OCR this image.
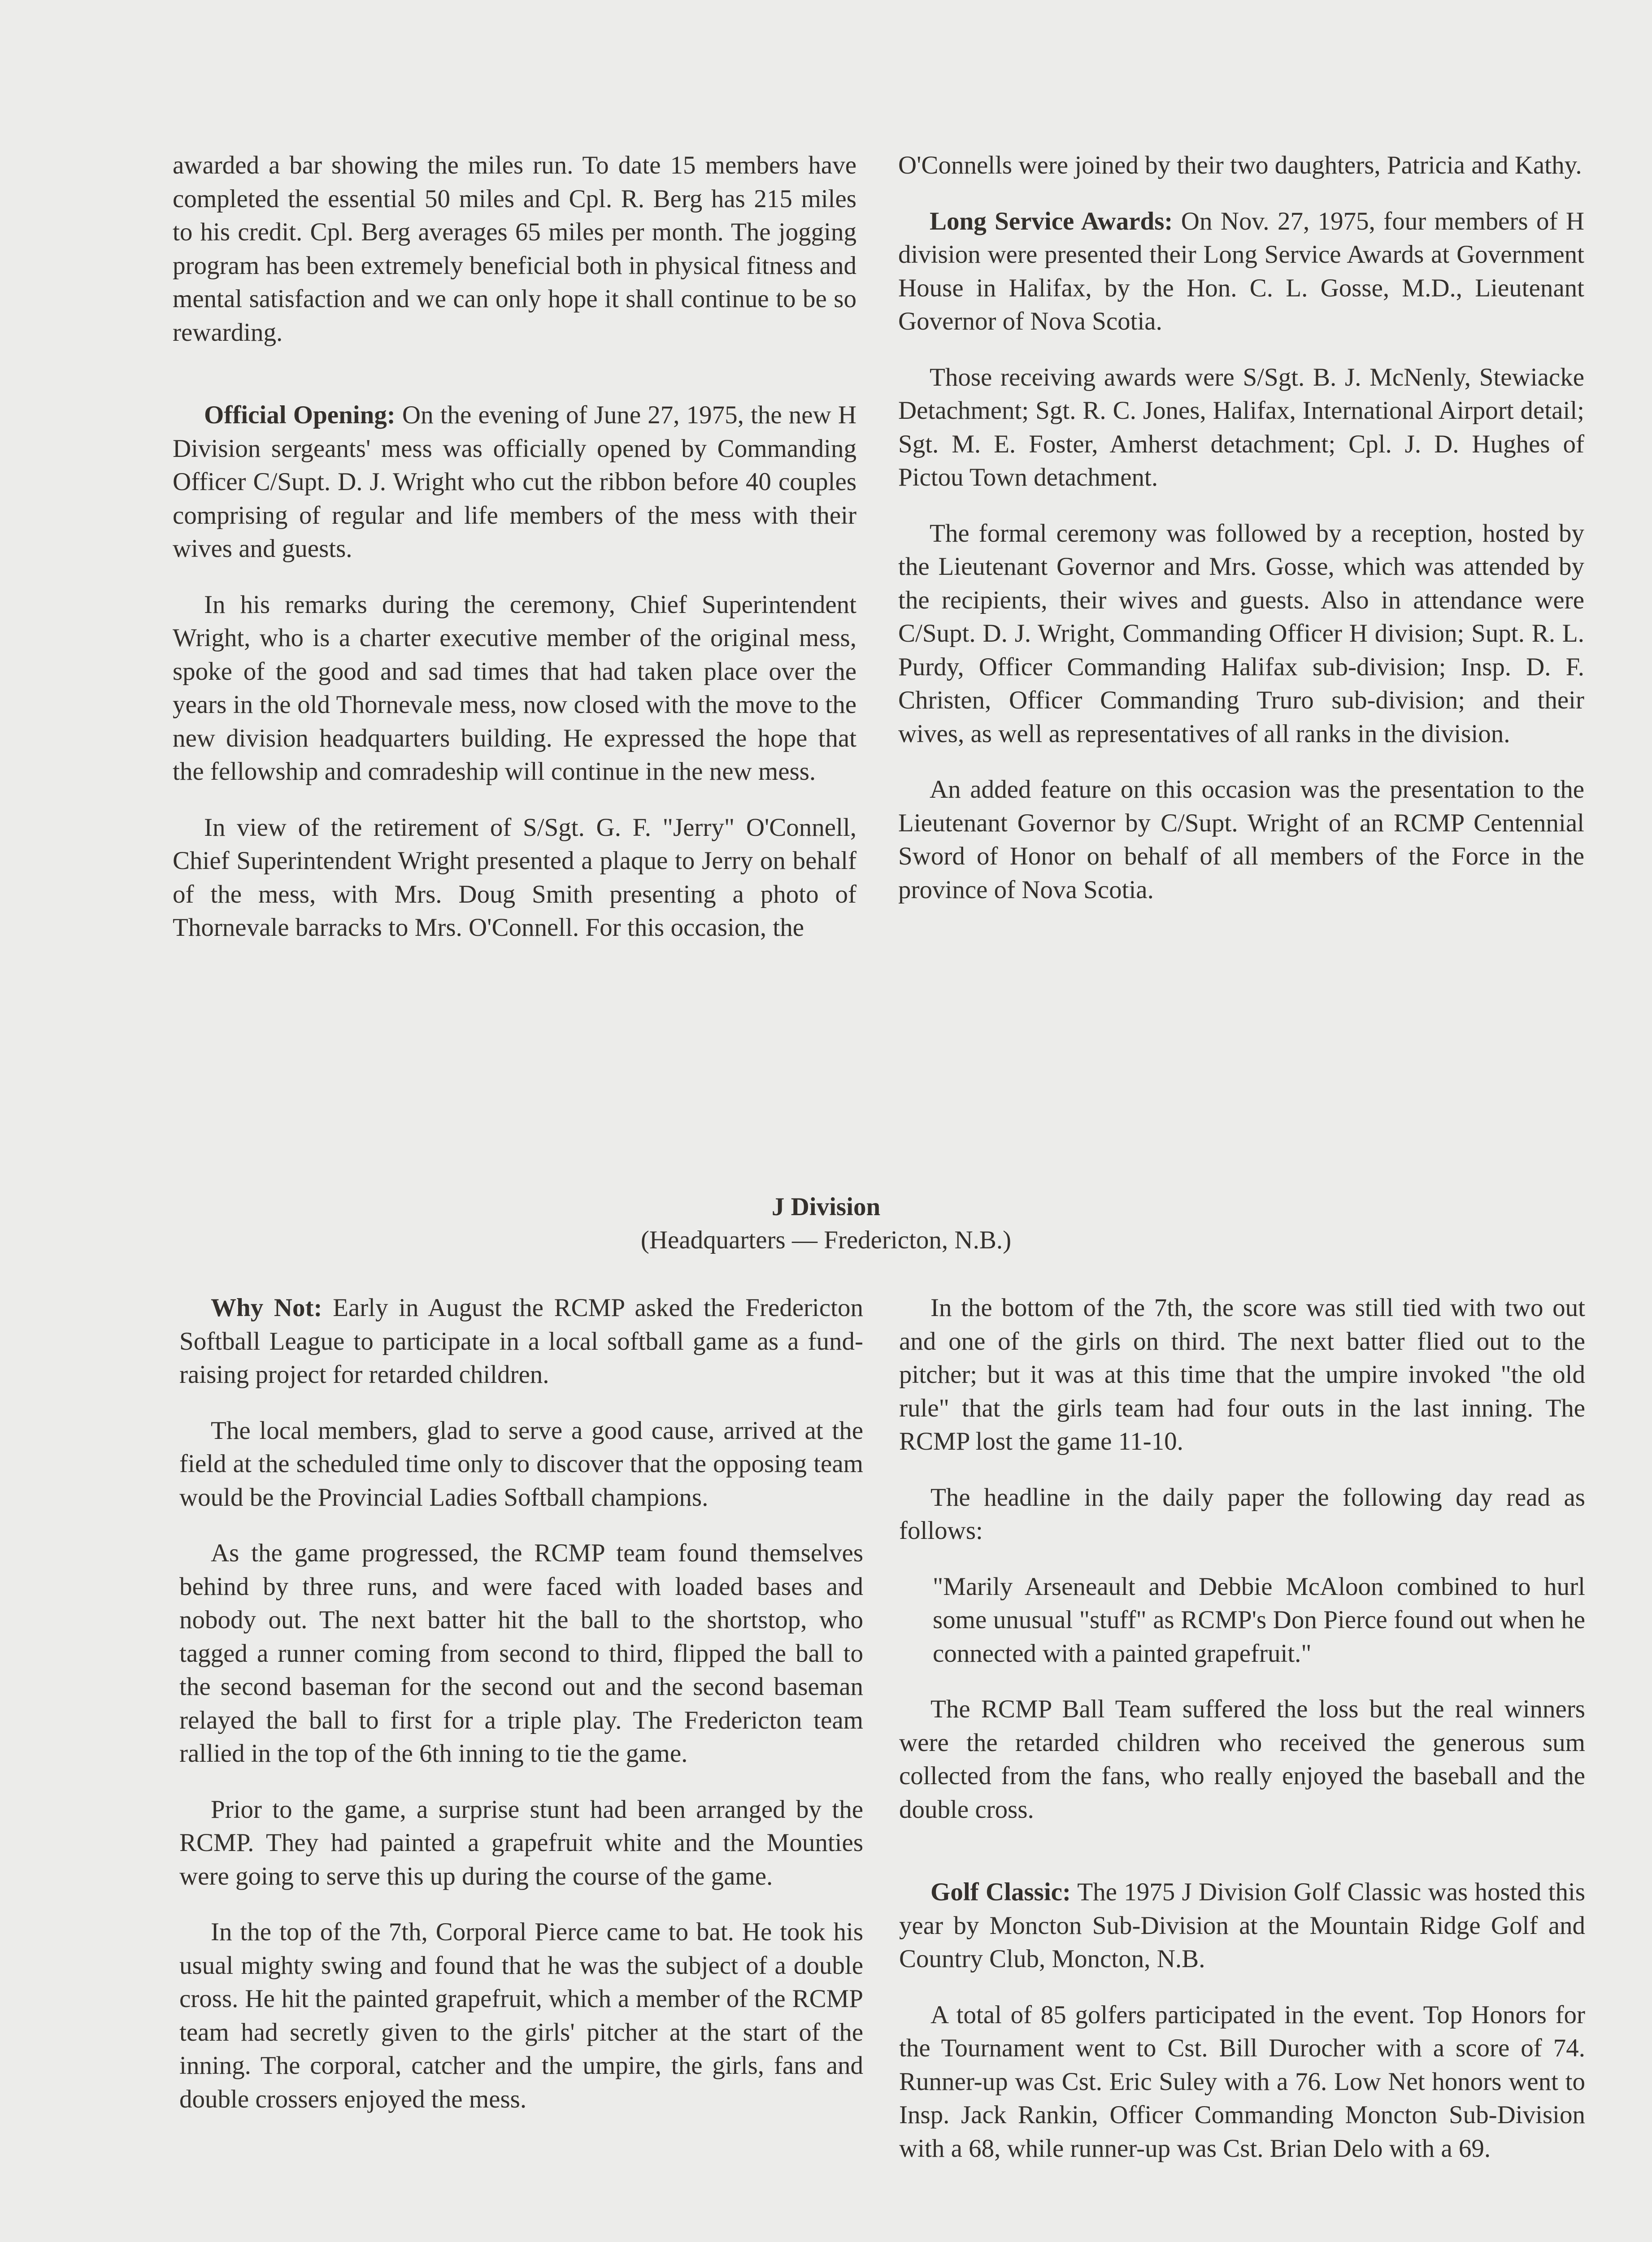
awarded a bar showing the miles run. To date 15 members have completed the essential 50 miles and Cpl. R. Berg has 215 miles to his credit. Cpl. Berg averages 65 miles per month. The jogging program has been extremely beneficial both in physical fitness and mental satisfaction and we can only hope it shall continue to be so rewarding.

Official Opening: On the evening of June 27, 1975, the new H Division sergeants' mess was officially opened by Commanding Officer C/Supt. D. J. Wright who cut the ribbon before 40 couples comprising of regular and life members of the mess with their wives and guests.

In his remarks during the ceremony, Chief Superintendent Wright, who is a charter executive member of the original mess, spoke of the good and sad times that had taken place over the years in the old Thornevale mess, now closed with the move to the new division headquarters building. He expressed the hope that the fellowship and comradeship will continue in the new mess.

In view of the retirement of S/Sgt. G. F. "Jerry" O'Connell, Chief Superintendent Wright presented a plaque to Jerry on behalf of the mess, with Mrs. Doug Smith presenting a photo of Thornevale barracks to Mrs. O'Connell. For this occasion, the

O'Connells were joined by their two daughters, Patricia and Kathy.

Long Service Awards: On Nov. 27, 1975, four members of H division were presented their Long Service Awards at Government House in Halifax, by the Hon. C. L. Gosse, M.D., Lieutenant Governor of Nova Scotia.

Those receiving awards were S/Sgt. B. J. McNenly, Stewiacke Detachment; Sgt. R. C. Jones, Halifax, International Airport detail; Sgt. M. E. Foster, Amherst detachment; Cpl. J. D. Hughes of Pictou Town detachment.

The formal ceremony was followed by a reception, hosted by the Lieutenant Governor and Mrs. Gosse, which was attended by the recipients, their wives and guests. Also in attendance were C/Supt. D. J. Wright, Commanding Officer H division; Supt. R. L. Purdy, Officer Commanding Halifax sub-division; Insp. D. F. Christen, Officer Commanding Truro sub-division; and their wives, as well as representatives of all ranks in the division.

An added feature on this occasion was the presentation to the Lieutenant Governor by C/Supt. Wright of an RCMP Centennial Sword of Honor on behalf of all members of the Force in the province of Nova Scotia.

J Division
(Headquarters — Fredericton, N.B.)

Why Not: Early in August the RCMP asked the Fredericton Softball League to participate in a local softball game as a fund-raising project for retarded children.

The local members, glad to serve a good cause, arrived at the field at the scheduled time only to discover that the opposing team would be the Provincial Ladies Softball champions.

As the game progressed, the RCMP team found themselves behind by three runs, and were faced with loaded bases and nobody out. The next batter hit the ball to the shortstop, who tagged a runner coming from second to third, flipped the ball to the second baseman for the second out and the second baseman relayed the ball to first for a triple play. The Fredericton team rallied in the top of the 6th inning to tie the game.

Prior to the game, a surprise stunt had been arranged by the RCMP. They had painted a grapefruit white and the Mounties were going to serve this up during the course of the game.

In the top of the 7th, Corporal Pierce came to bat. He took his usual mighty swing and found that he was the subject of a double cross. He hit the painted grapefruit, which a member of the RCMP team had secretly given to the girls' pitcher at the start of the inning. The corporal, catcher and the umpire, the girls, fans and double crossers enjoyed the mess.

In the bottom of the 7th, the score was still tied with two out and one of the girls on third. The next batter flied out to the pitcher; but it was at this time that the umpire invoked "the old rule" that the girls team had four outs in the last inning. The RCMP lost the game 11-10.

The headline in the daily paper the following day read as follows:

"Marily Arseneault and Debbie McAloon combined to hurl some unusual "stuff" as RCMP's Don Pierce found out when he connected with a painted grapefruit."

The RCMP Ball Team suffered the loss but the real winners were the retarded children who received the generous sum collected from the fans, who really enjoyed the baseball and the double cross.

Golf Classic: The 1975 J Division Golf Classic was hosted this year by Moncton Sub-Division at the Mountain Ridge Golf and Country Club, Moncton, N.B.

A total of 85 golfers participated in the event. Top Honors for the Tournament went to Cst. Bill Durocher with a score of 74. Runner-up was Cst. Eric Suley with a 76. Low Net honors went to Insp. Jack Rankin, Officer Commanding Moncton Sub-Division with a 68, while runner-up was Cst. Brian Delo with a 69.
